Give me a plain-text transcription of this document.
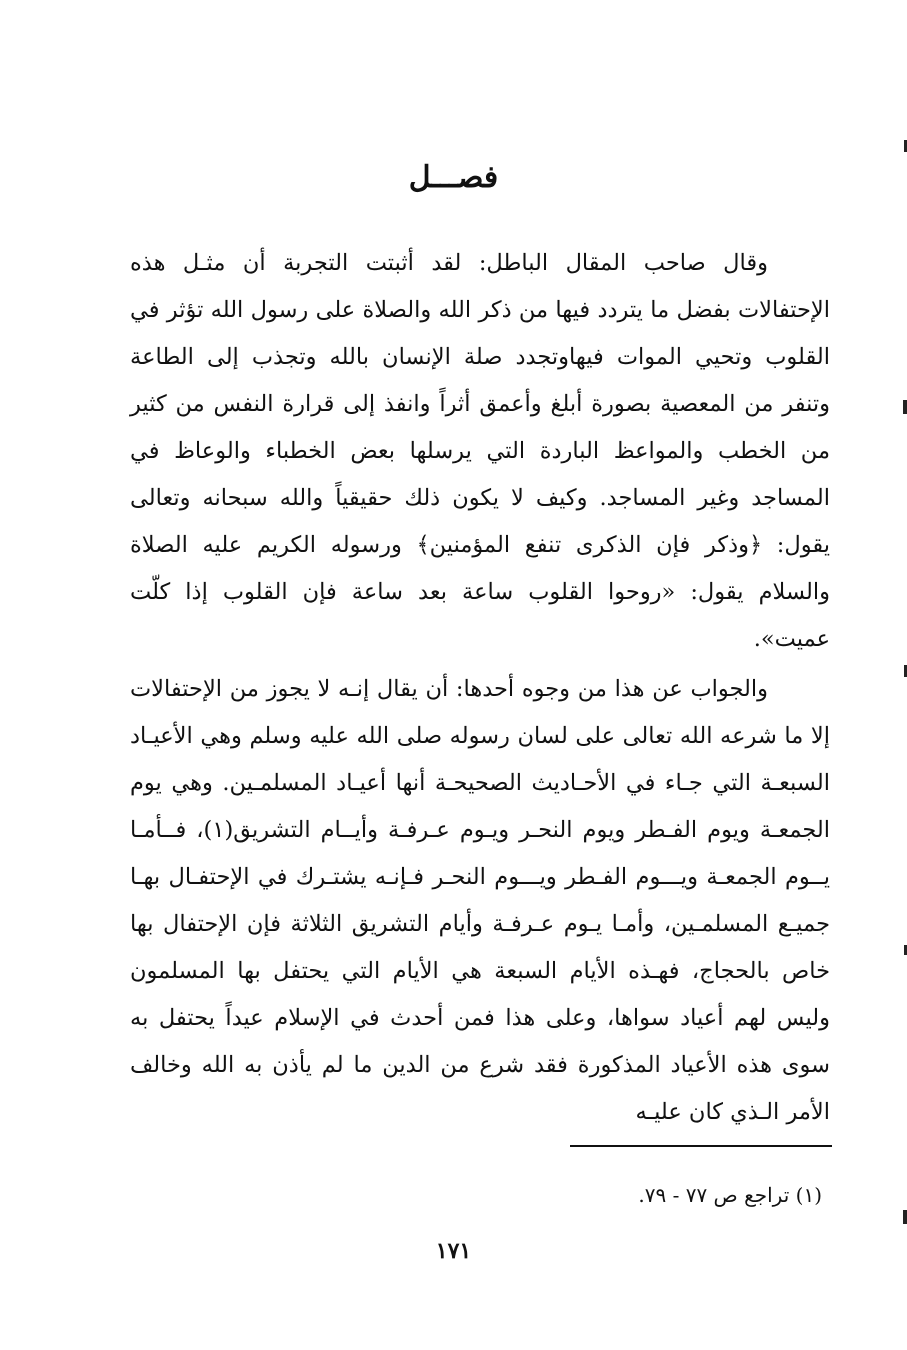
فصـــل

وقال صاحب المقال الباطل: لقد أثبتت التجربة أن مثـل هذه الإحتفالات بفضل ما يتردد فيها من ذكر الله والصلاة على رسول الله تؤثر في القلوب وتحيي الموات فيهاوتجدد صلة الإنسان بالله وتجذب إلى الطاعة وتنفر من المعصية بصورة أبلغ وأعمق أثراً وانفذ إلى قرارة النفس من كثير من الخطب والمواعظ الباردة التي يرسلها بعض الخطباء والوعاظ في المساجد وغير المساجد. وكيف لا يكون ذلك حقيقياً والله سبحانه وتعالى يقول: ﴿وذكر فإن الذكرى تنفع المؤمنين﴾ ورسوله الكريم عليه الصلاة والسلام يقول: «روحوا القلوب ساعة بعد ساعة فإن القلوب إذا كلّت عميت».

والجواب عن هذا من وجوه أحدها: أن يقال إنـه لا يجوز من الإحتفالات إلا ما شرعه الله تعالى على لسان رسوله صلى الله عليه وسلم وهي الأعيـاد السبعـة التي جـاء في الأحـاديث الصحيحـة أنها أعيـاد المسلمـين. وهي يوم الجمعـة ويوم الفـطر ويوم النحـر ويـوم عـرفـة وأيــام التشريق(١)، فــأمـا يــوم الجمعـة ويـــوم الفـطر ويـــوم النحـر فـإنـه يشتـرك في الإحتفـال بهـا جميـع المسلمـين، وأمـا يـوم عـرفـة وأيام التشريق الثلاثة فإن الإحتفال بها خاص بالحجاج، فهـذه الأيام السبعة هي الأيام التي يحتفل بها المسلمون وليس لهم أعياد سواها، وعلى هذا فمن أحدث في الإسلام عيداً يحتفل به سوى هذه الأعياد المذكورة فقد شرع من الدين ما لم يأذن به الله وخالف الأمر الـذي كان عليـه

(١) تراجع ص ٧٧ - ٧٩.
١٧١
